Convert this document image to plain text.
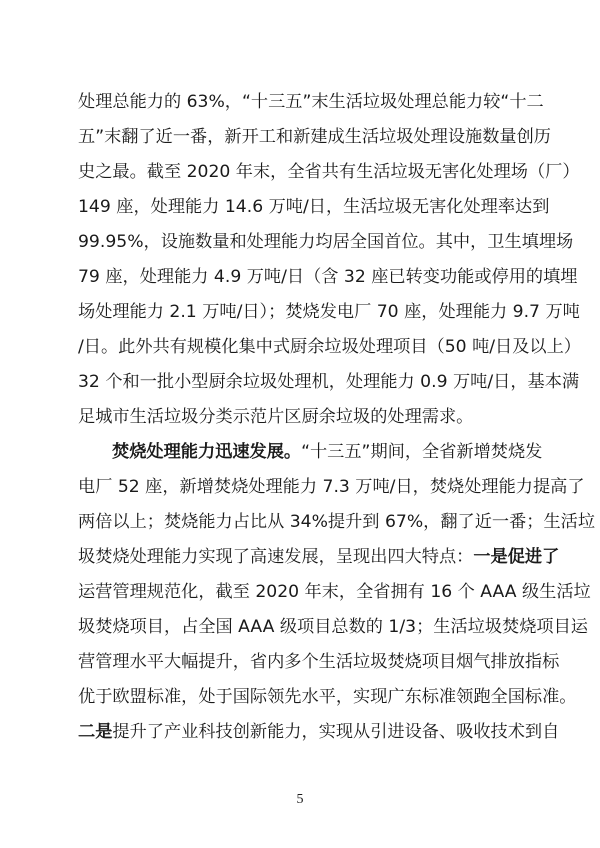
处理总能力的 63%，“十三五”末生活垃圾处理总能力较“十二
五”末翻了近一番，新开工和新建成生活垃圾处理设施数量创历
史之最。截至 2020 年末，全省共有生活垃圾无害化处理场（厂）
149 座，处理能力 14.6 万吨/日，生活垃圾无害化处理率达到
99.95%，设施数量和处理能力均居全国首位。其中，卫生填埋场
79 座，处理能力 4.9 万吨/日（含 32 座已转变功能或停用的填埋
场处理能力 2.1 万吨/日）；焚烧发电厂 70 座，处理能力 9.7 万吨
/日。此外共有规模化集中式厨余垃圾处理项目（50 吨/日及以上）
32 个和一批小型厨余垃圾处理机，处理能力 0.9 万吨/日，基本满
足城市生活垃圾分类示范片区厨余垃圾的处理需求。
焚烧处理能力迅速发展。“十三五”期间，全省新增焚烧发
电厂 52 座，新增焚烧处理能力 7.3 万吨/日，焚烧处理能力提高了
两倍以上；焚烧能力占比从 34%提升到 67%，翻了近一番；生活垃
圾焚烧处理能力实现了高速发展，呈现出四大特点：一是促进了
运营管理规范化，截至 2020 年末，全省拥有 16 个 AAA 级生活垃
圾焚烧项目，占全国 AAA 级项目总数的 1/3；生活垃圾焚烧项目运
营管理水平大幅提升，省内多个生活垃圾焚烧项目烟气排放指标
优于欧盟标准，处于国际领先水平，实现广东标准领跑全国标准。
二是提升了产业科技创新能力，实现从引进设备、吸收技术到自
5
